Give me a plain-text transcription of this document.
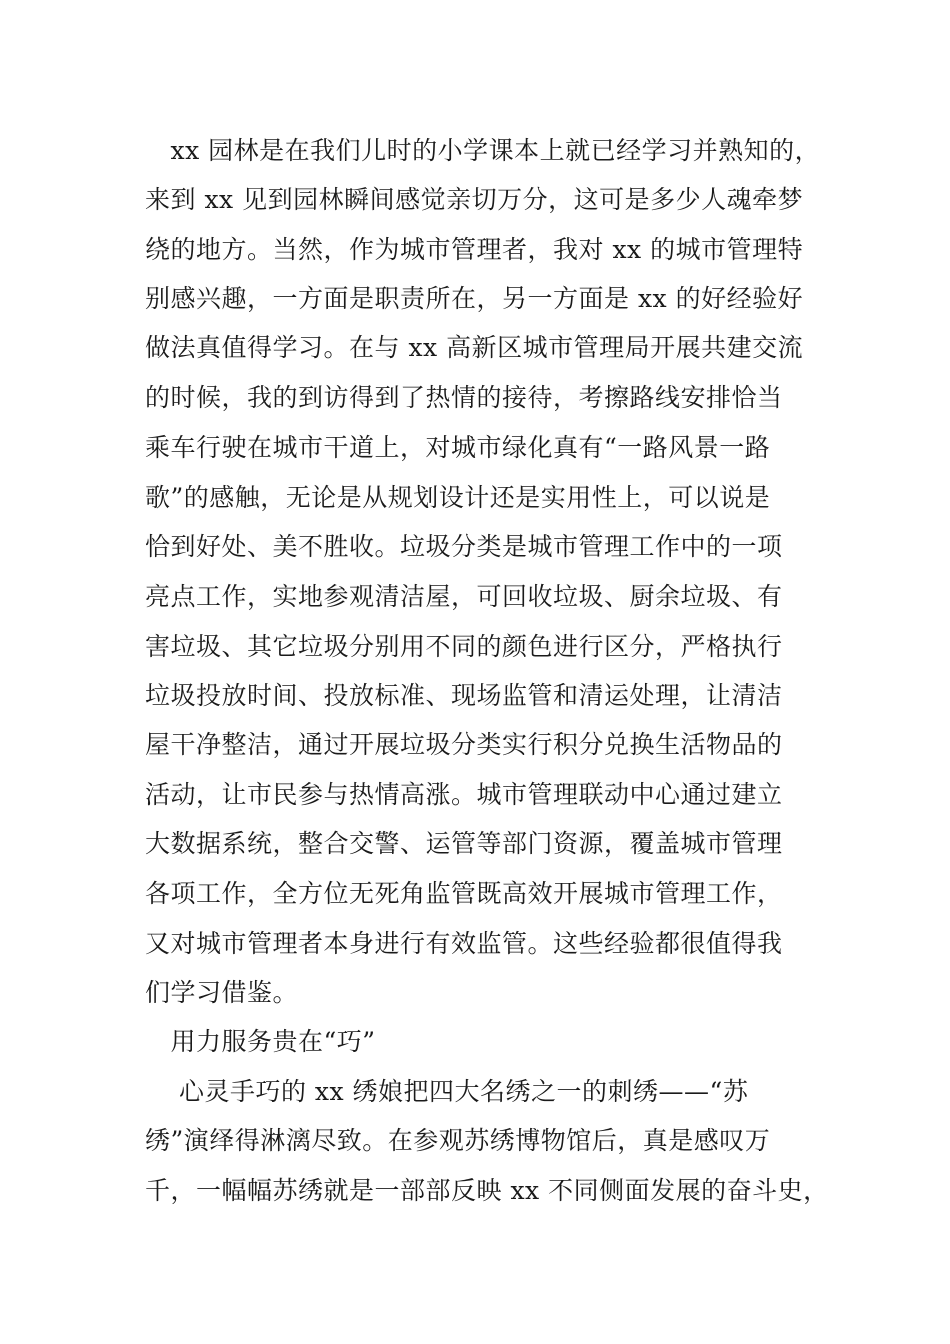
　xx 园林是在我们儿时的小学课本上就已经学习并熟知的，
来到 xx 见到园林瞬间感觉亲切万分，这可是多少人魂牵梦
绕的地方。当然，作为城市管理者，我对 xx 的城市管理特
别感兴趣，一方面是职责所在，另一方面是 xx 的好经验好
做法真值得学习。在与 xx 高新区城市管理局开展共建交流
的时候，我的到访得到了热情的接待，考擦路线安排恰当
乘车行驶在城市干道上，对城市绿化真有“一路风景一路
歌”的感触，无论是从规划设计还是实用性上，可以说是
恰到好处、美不胜收。垃圾分类是城市管理工作中的一项
亮点工作，实地参观清洁屋，可回收垃圾、厨余垃圾、有
害垃圾、其它垃圾分别用不同的颜色进行区分，严格执行
垃圾投放时间、投放标准、现场监管和清运处理，让清洁
屋干净整洁，通过开展垃圾分类实行积分兑换生活物品的
活动，让市民参与热情高涨。城市管理联动中心通过建立
大数据系统，整合交警、运管等部门资源，覆盖城市管理
各项工作，全方位无死角监管既高效开展城市管理工作，
又对城市管理者本身进行有效监管。这些经验都很值得我
们学习借鉴。
　用力服务贵在“巧”
　 心灵手巧的 xx 绣娘把四大名绣之一的刺绣——“苏
绣”演绎得淋漓尽致。在参观苏绣博物馆后，真是感叹万
千，一幅幅苏绣就是一部部反映 xx 不同侧面发展的奋斗史，
